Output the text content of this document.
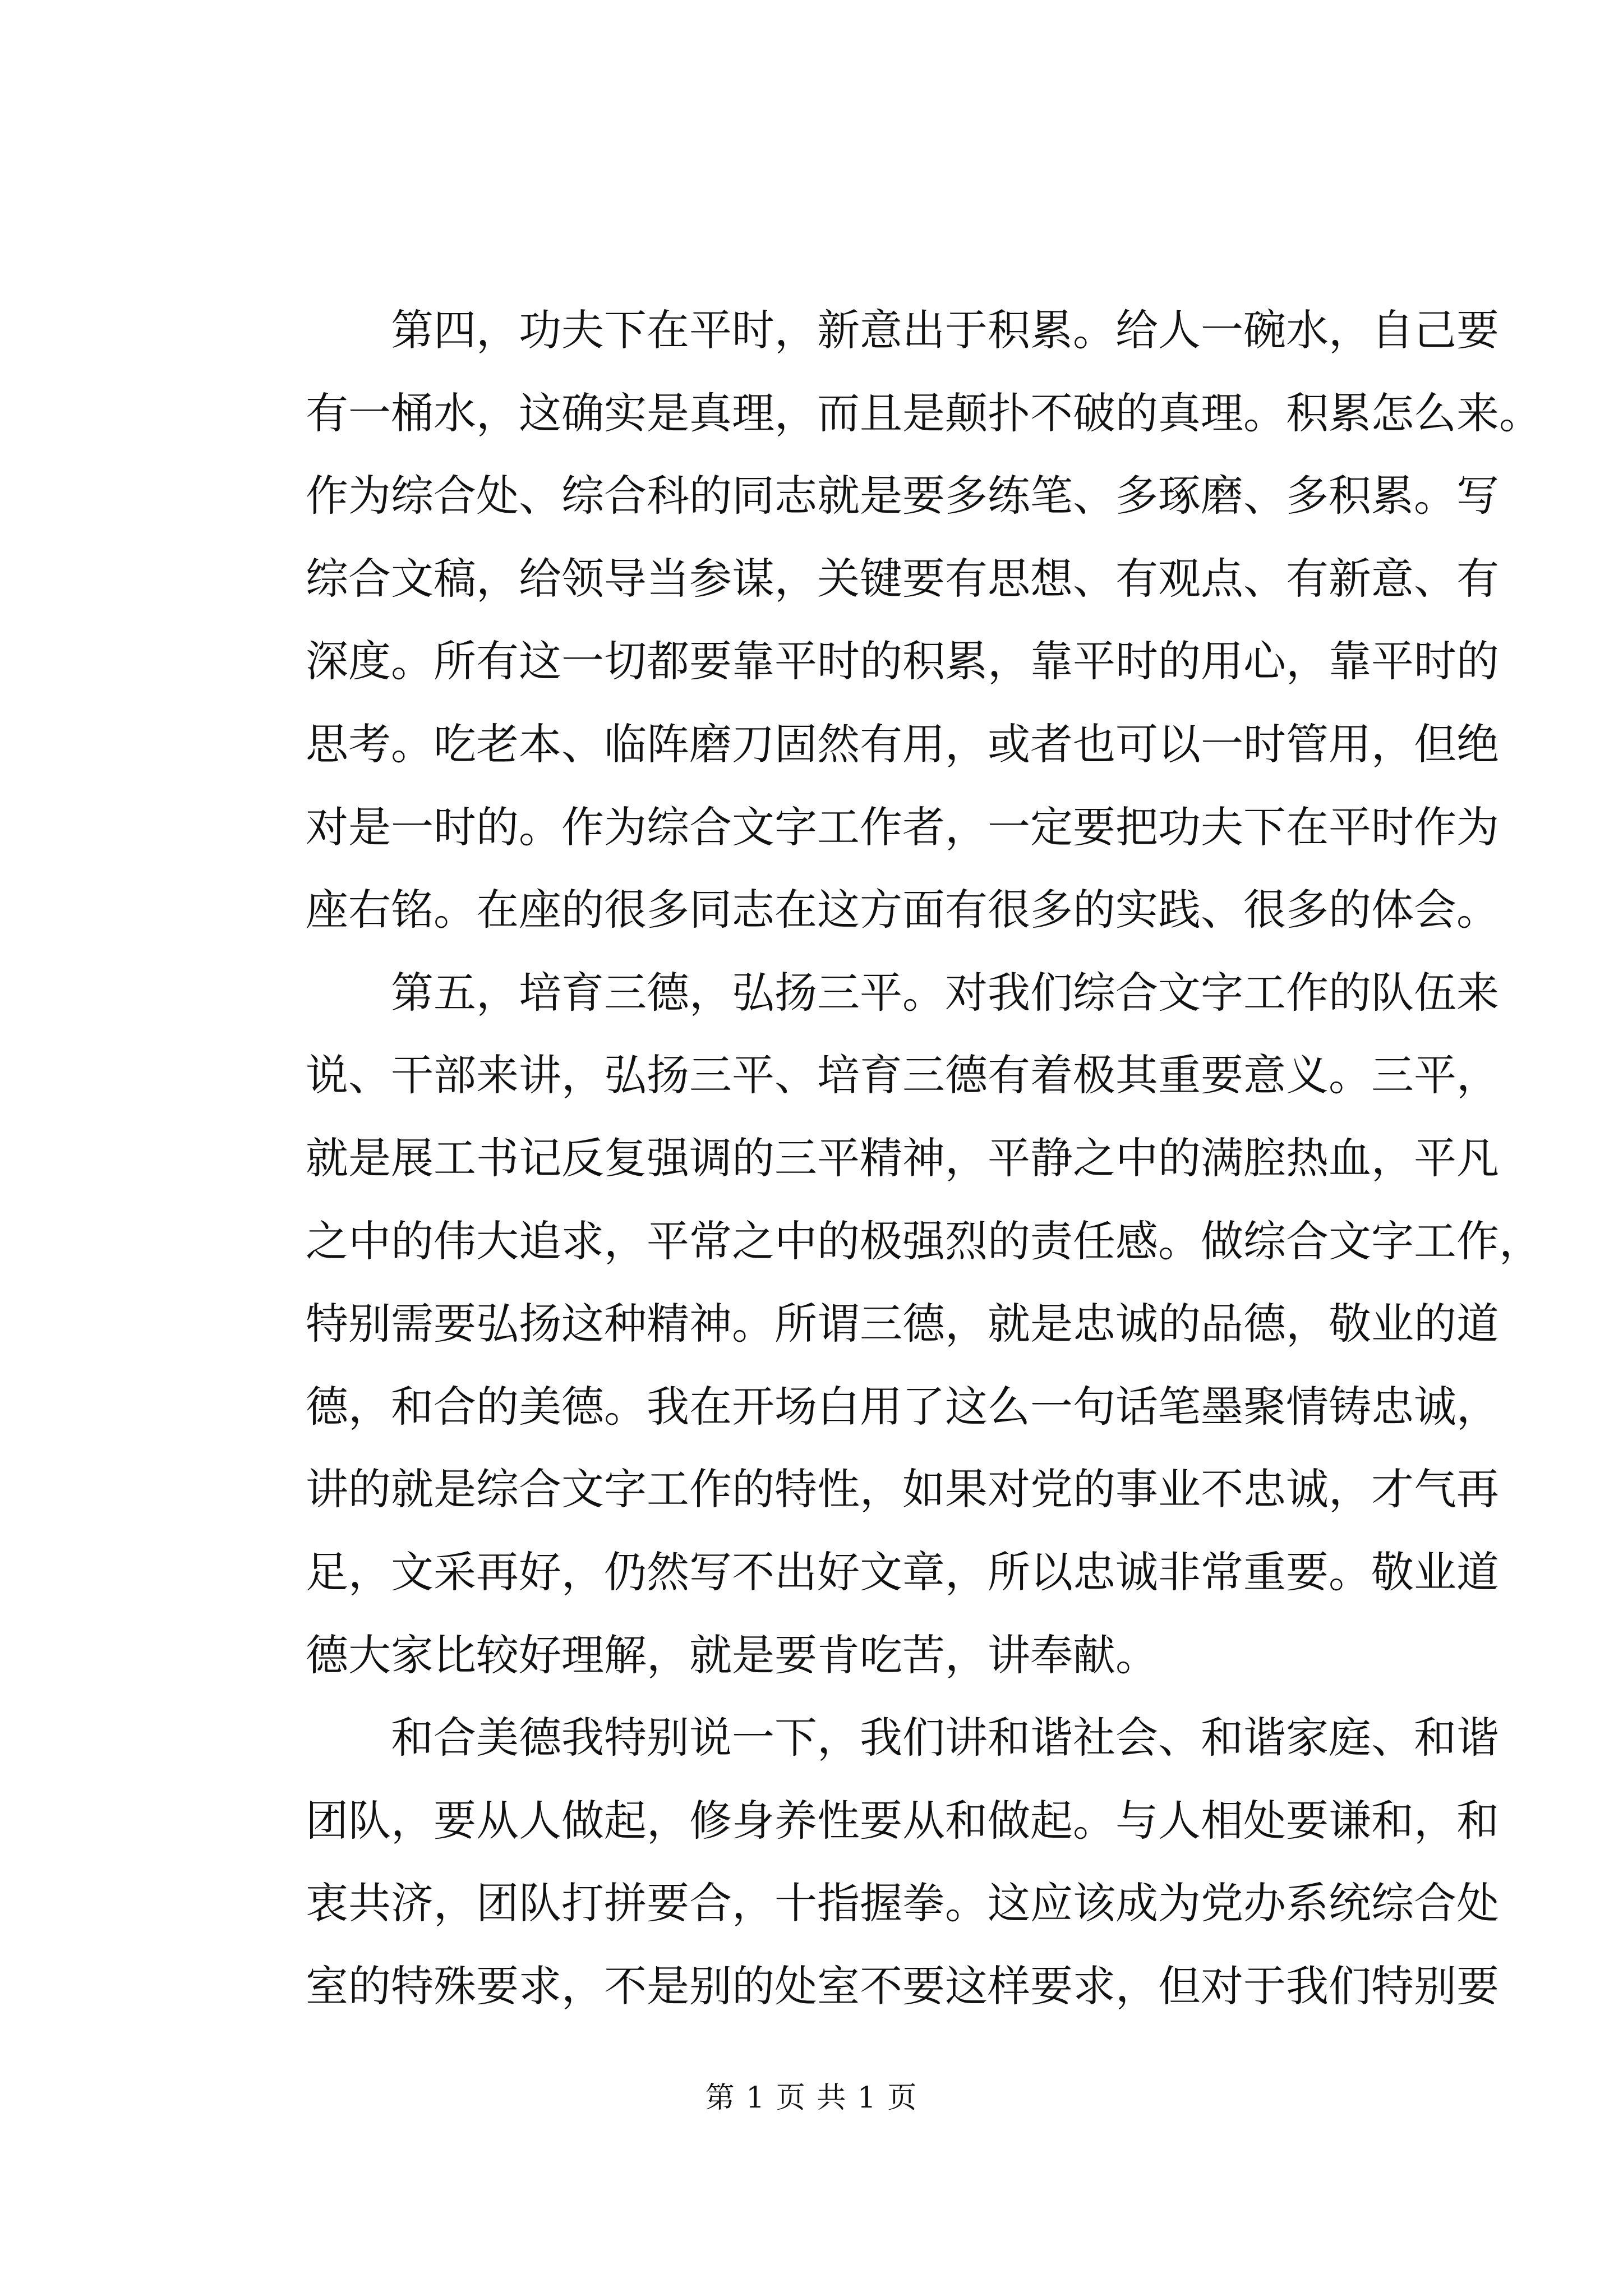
第四，功夫下在平时，新意出于积累。给人一碗水，自己要
有一桶水，这确实是真理，而且是颠扑不破的真理。积累怎么来。
作为综合处、综合科的同志就是要多练笔、多琢磨、多积累。写
综合文稿，给领导当参谋，关键要有思想、有观点、有新意、有
深度。所有这一切都要靠平时的积累，靠平时的用心，靠平时的
思考。吃老本、临阵磨刀固然有用，或者也可以一时管用，但绝
对是一时的。作为综合文字工作者，一定要把功夫下在平时作为
座右铭。在座的很多同志在这方面有很多的实践、很多的体会。
第五，培育三德，弘扬三平。对我们综合文字工作的队伍来
说、干部来讲，弘扬三平、培育三德有着极其重要意义。三平，
就是展工书记反复强调的三平精神，平静之中的满腔热血，平凡
之中的伟大追求，平常之中的极强烈的责任感。做综合文字工作，
特别需要弘扬这种精神。所谓三德，就是忠诚的品德，敬业的道
德，和合的美德。我在开场白用了这么一句话笔墨聚情铸忠诚，
讲的就是综合文字工作的特性，如果对党的事业不忠诚，才气再
足，文采再好，仍然写不出好文章，所以忠诚非常重要。敬业道
德大家比较好理解，就是要肯吃苦，讲奉献。
和合美德我特别说一下，我们讲和谐社会、和谐家庭、和谐
团队，要从人做起，修身养性要从和做起。与人相处要谦和，和
衷共济，团队打拼要合，十指握拳。这应该成为党办系统综合处
室的特殊要求，不是别的处室不要这样要求，但对于我们特别要
第 1 页 共 1 页
